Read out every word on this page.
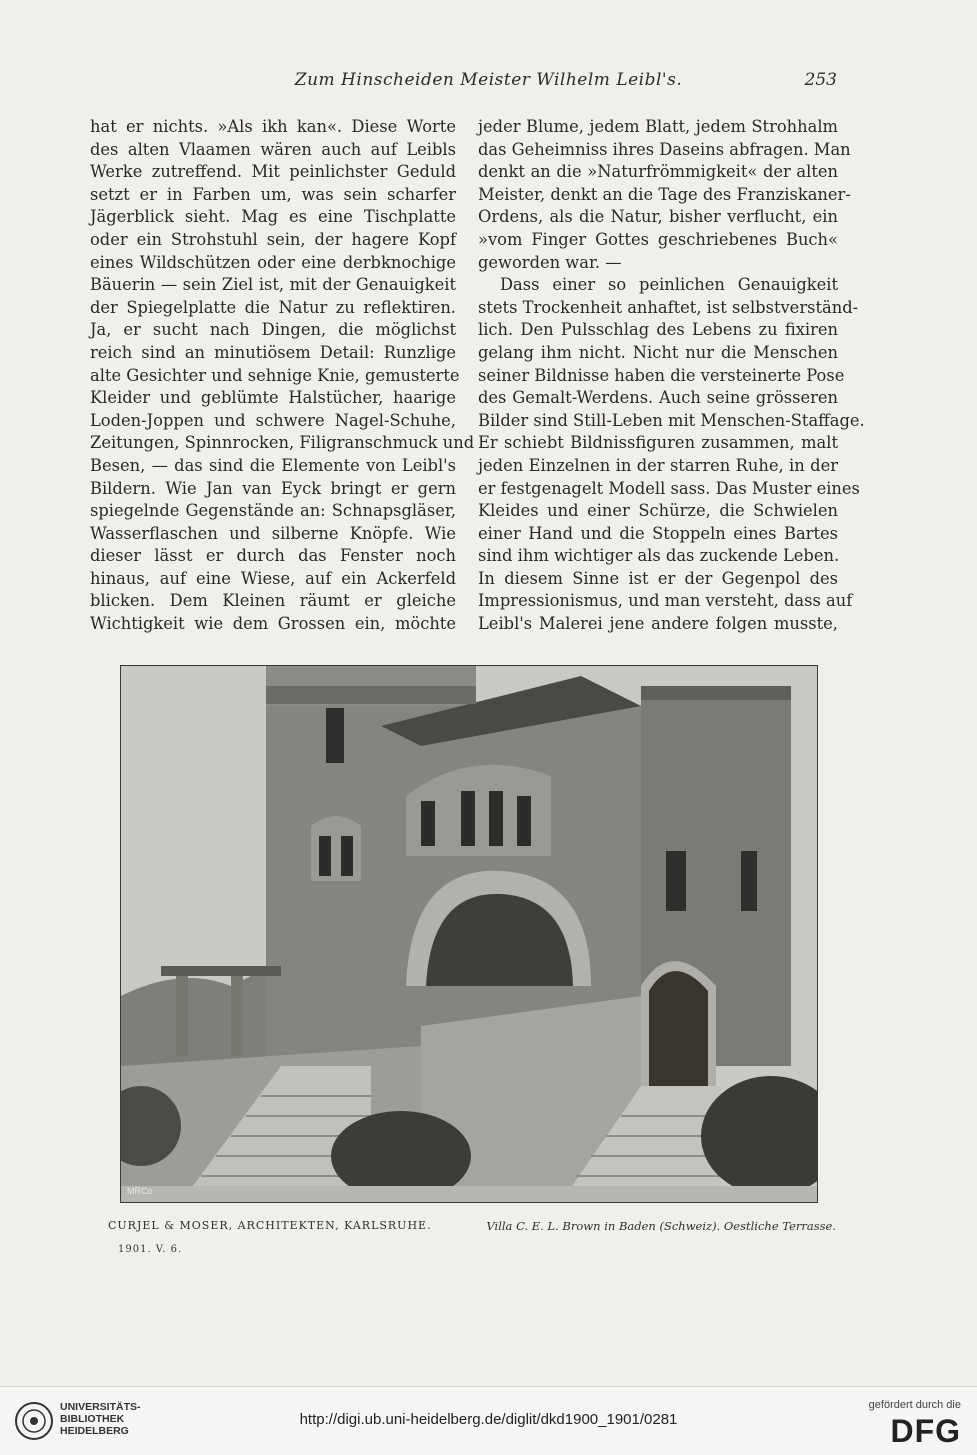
Zum Hinscheiden Meister Wilhelm Leibl's.	253
hat er nichts. »Als ikh kan«. Diese Worte
des alten Vlaamen wären auch auf Leibls
Werke zutreffend. Mit peinlichster Geduld
setzt er in Farben um, was sein scharfer
Jägerblick sieht. Mag es eine Tischplatte
oder ein Strohstuhl sein, der hagere Kopf
eines Wildschützen oder eine derbknochige
Bäuerin — sein Ziel ist, mit der Genauigkeit
der Spiegelplatte die Natur zu reflektiren.
Ja, er sucht nach Dingen, die möglichst
reich sind an minutiösem Detail: Runzlige
alte Gesichter und sehnige Knie, gemusterte
Kleider und geblümte Halstücher, haarige
Loden-Joppen und schwere Nagel-Schuhe,
Zeitungen, Spinnrocken, Filigranschmuck und
Besen, — das sind die Elemente von Leibl's
Bildern. Wie Jan van Eyck bringt er gern
spiegelnde Gegenstände an: Schnapsgläser,
Wasserflaschen und silberne Knöpfe. Wie
dieser lässt er durch das Fenster noch
hinaus, auf eine Wiese, auf ein Ackerfeld
blicken. Dem Kleinen räumt er gleiche
Wichtigkeit wie dem Grossen ein, möchte
jeder Blume, jedem Blatt, jedem Strohhalm
das Geheimniss ihres Daseins abfragen. Man
denkt an die »Naturfrömmigkeit« der alten
Meister, denkt an die Tage des Franziskaner-
Ordens, als die Natur, bisher verflucht, ein
»vom Finger Gottes geschriebenes Buch«
geworden war. —
Dass einer so peinlichen Genauigkeit
stets Trockenheit anhaftet, ist selbstverständ-
lich. Den Pulsschlag des Lebens zu fixiren
gelang ihm nicht. Nicht nur die Menschen
seiner Bildnisse haben die versteinerte Pose
des Gemalt-Werdens. Auch seine grösseren
Bilder sind Still-Leben mit Menschen-Staffage.
Er schiebt Bildnissfiguren zusammen, malt
jeden Einzelnen in der starren Ruhe, in der
er festgenagelt Modell sass. Das Muster eines
Kleides und einer Schürze, die Schwielen
einer Hand und die Stoppeln eines Bartes
sind ihm wichtiger als das zuckende Leben.
In diesem Sinne ist er der Gegenpol des
Impressionismus, und man versteht, dass auf
Leibl's Malerei jene andere folgen musste,
MRCo
CURJEL & MOSER, ARCHITEKTEN, KARLSRUHE.	Villa C. E. L. Brown in Baden (Schweiz). Oestliche Terrasse.
1901. V. 6.
UNIVERSITÄTS-
BIBLIOTHEK
HEIDELBERG
http://digi.ub.uni-heidelberg.de/diglit/dkd1900_1901/0281
gefördert durch die
DFG
